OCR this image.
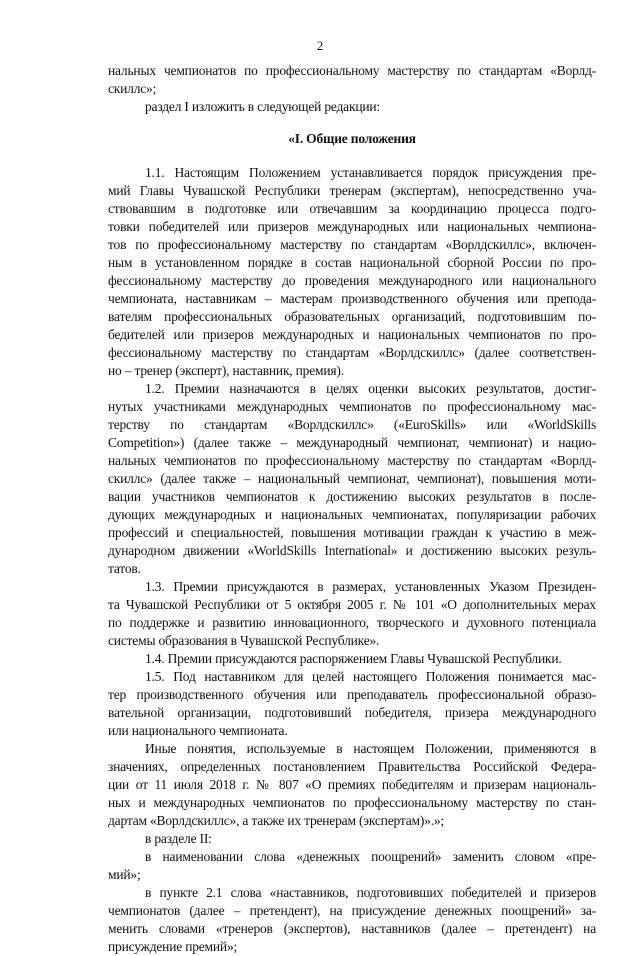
2
нальных чемпионатов по профессиональному мастерству по стандартам «Ворлд-
скиллс»;
раздел I изложить в следующей редакции:
«I. Общие положения
1.1. Настоящим Положением устанавливается порядок присуждения пре-
мий Главы Чувашской Республики тренерам (экспертам), непосредственно уча-
ствовавшим в подготовке или отвечавшим за координацию процесса подго-
товки победителей или призеров международных или национальных чемпиона-
тов по профессиональному мастерству по стандартам «Ворлдскиллс», включен-
ным в установленном порядке в состав национальной сборной России по про-
фессиональному мастерству до проведения международного или национального
чемпионата, наставникам – мастерам производственного обучения или препода-
вателям профессиональных образовательных организаций, подготовившим по-
бедителей или призеров международных и национальных чемпионатов по про-
фессиональному мастерству по стандартам «Ворлдскиллс» (далее соответствен-
но – тренер (эксперт), наставник, премия).
1.2. Премии назначаются в целях оценки высоких результатов, достиг-
нутых участниками международных чемпионатов по профессиональному мас-
терству по стандартам «Ворлдскиллс» («EuroSkills» или «WorldSkills
Competition») (далее также – международный чемпионат, чемпионат) и нацио-
нальных чемпионатов по профессиональному мастерству по стандартам «Ворлд-
скиллс» (далее также – национальный чемпионат, чемпионат), повышения моти-
вации участников чемпионатов к достижению высоких результатов в после-
дующих международных и национальных чемпионатах, популяризации рабочих
профессий и специальностей, повышения мотивации граждан к участию в меж-
дународном движении «WorldSkills International» и достижению высоких резуль-
татов.
1.3. Премии присуждаются в размерах, установленных Указом Президен-
та Чувашской Республики от 5 октября 2005 г. № 101 «О дополнительных мерах
по поддержке и развитию инновационного, творческого и духовного потенциала
системы образования в Чувашской Республике».
1.4. Премии присуждаются распоряжением Главы Чувашской Республики.
1.5. Под наставником для целей настоящего Положения понимается мас-
тер производственного обучения или преподаватель профессиональной образо-
вательной организации, подготовивший победителя, призера международного
или национального чемпионата.
Иные понятия, используемые в настоящем Положении, применяются в
значениях, определенных постановлением Правительства Российской Федера-
ции от 11 июля 2018 г. № 807 «О премиях победителям и призерам националь-
ных и международных чемпионатов по профессиональному мастерству по стан-
дартам «Ворлдскиллс», а также их тренерам (экспертам)».»;
в разделе II:
в наименовании слова «денежных поощрений» заменить словом «пре-
мий»;
в пункте 2.1 слова «наставников, подготовивших победителей и призеров
чемпионатов (далее – претендент), на присуждение денежных поощрений» за-
менить словами «тренеров (экспертов), наставников (далее – претендент) на
присуждение премий»;
